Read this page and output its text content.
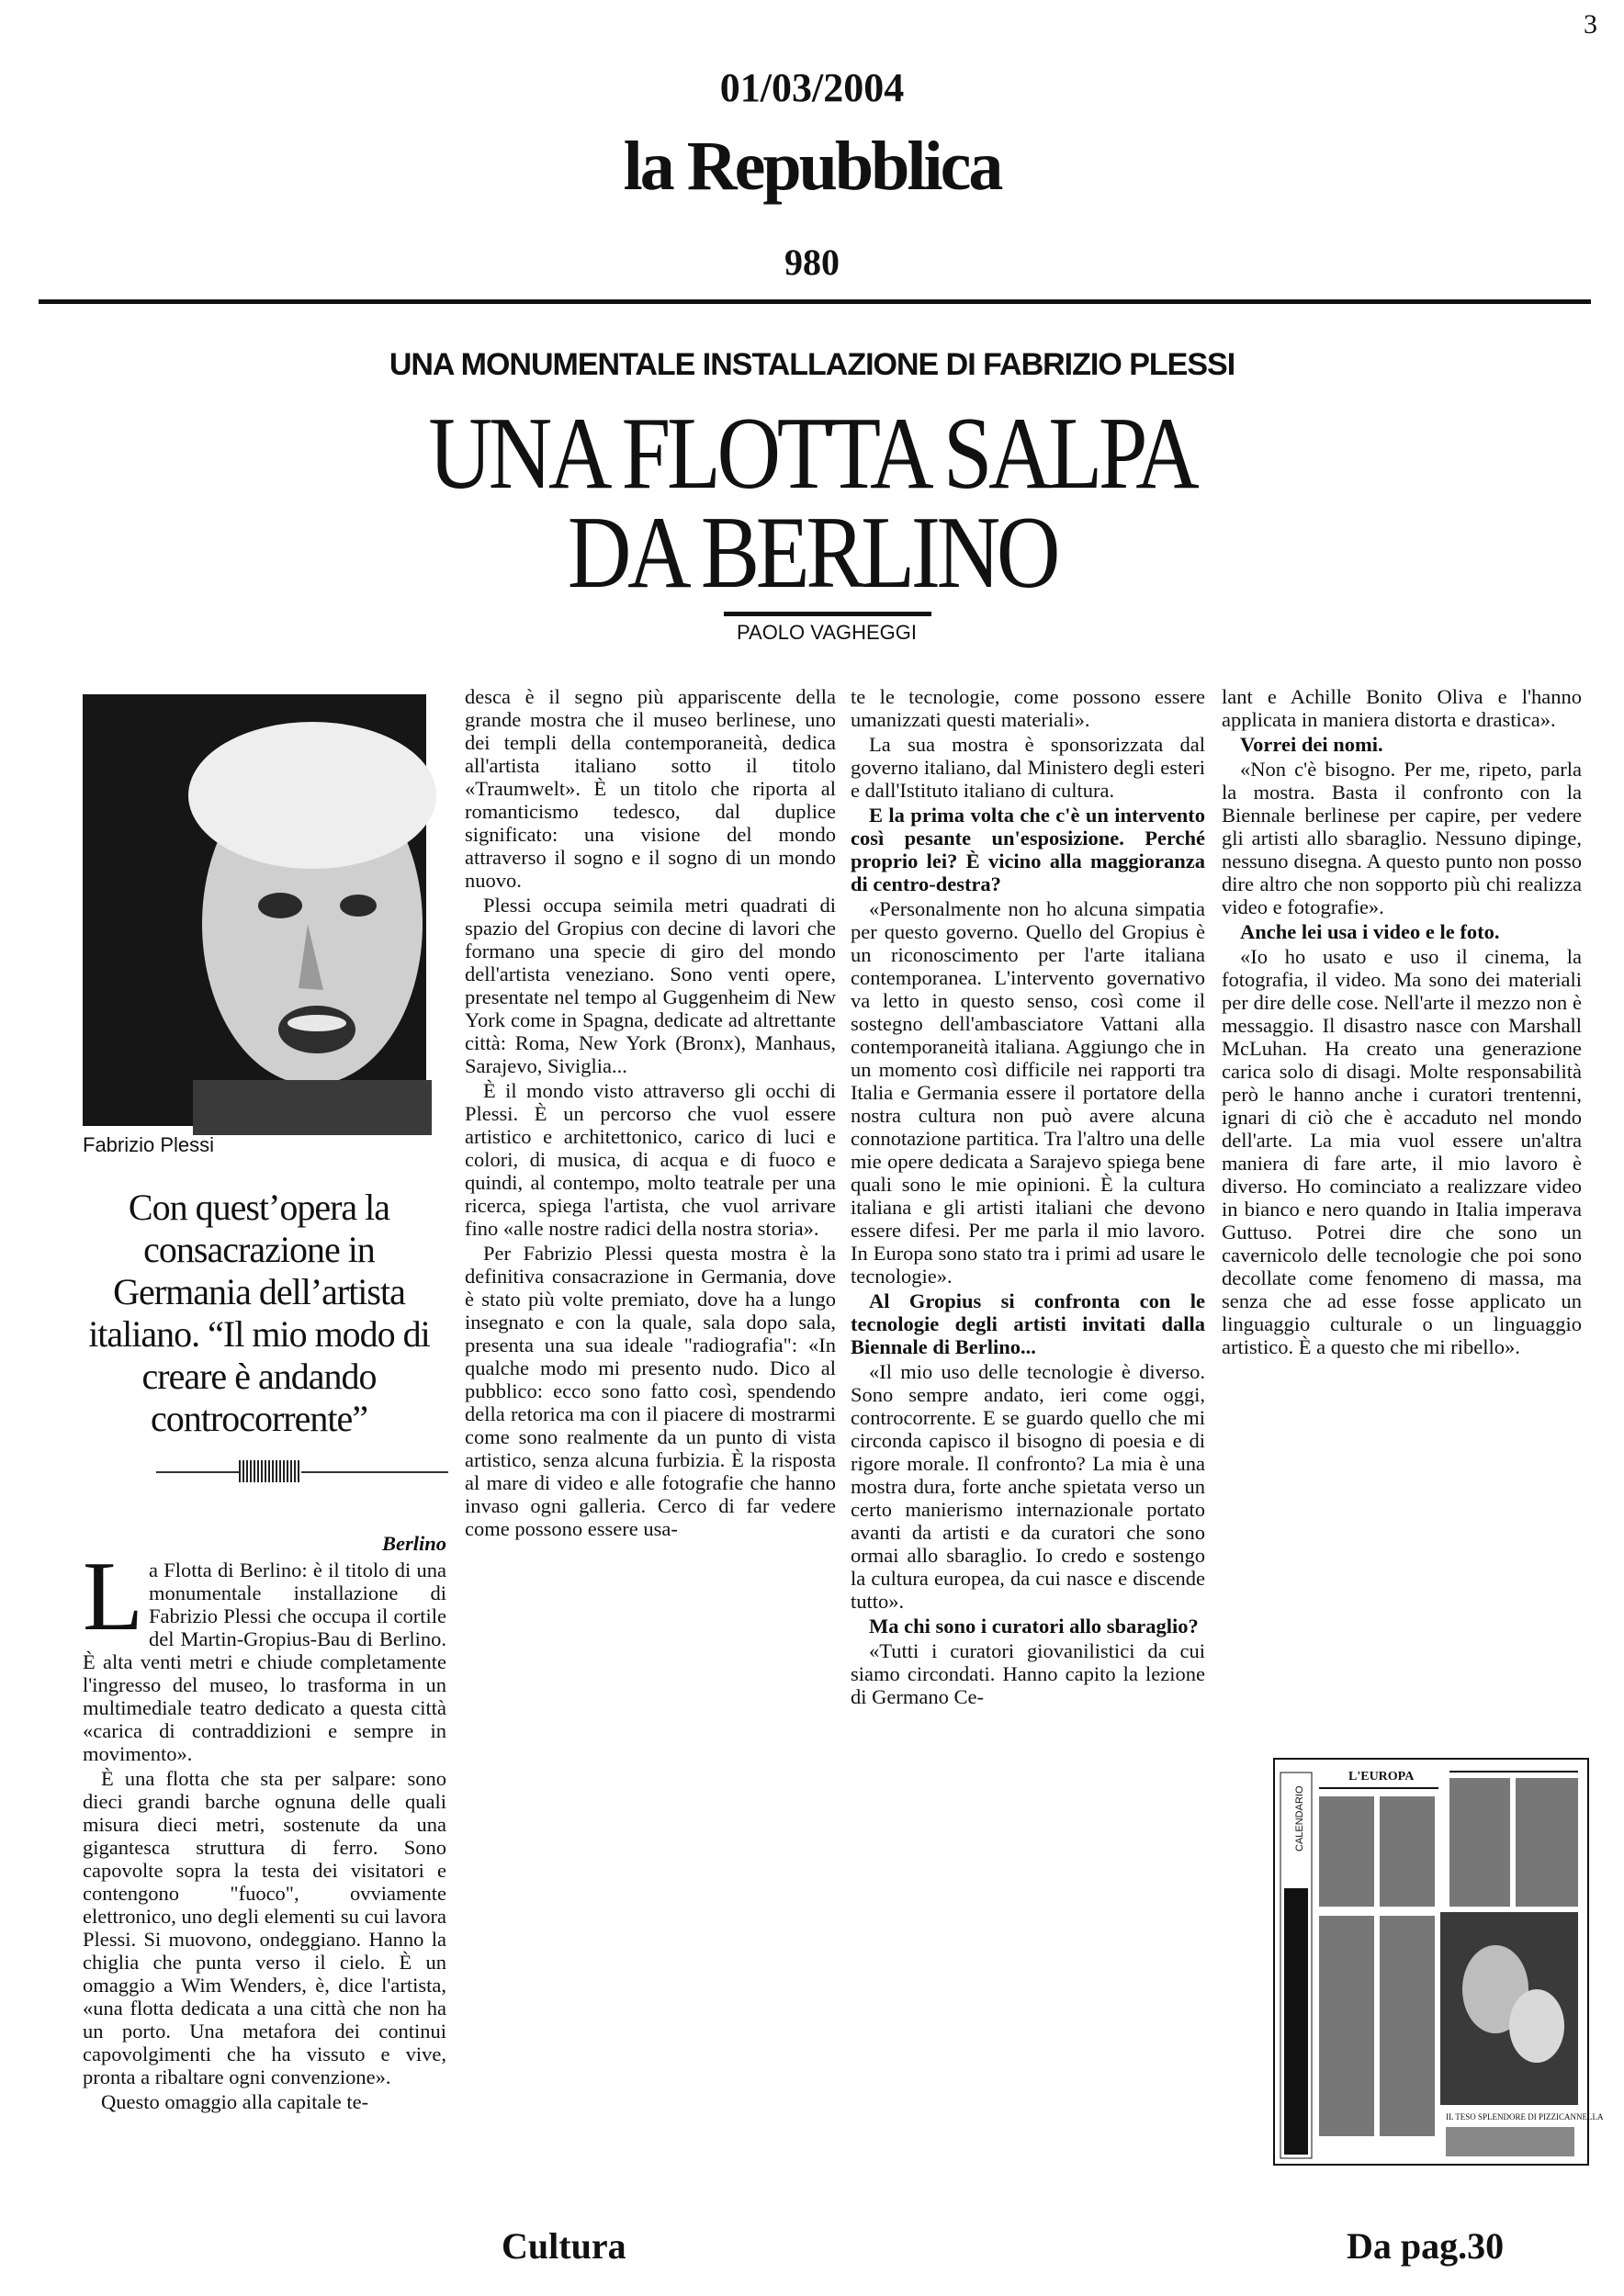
3
01/03/2004
la Repubblica
980
UNA MONUMENTALE INSTALLAZIONE DI FABRIZIO PLESSI
UNA FLOTTA SALPA
DA BERLINO
PAOLO VAGHEGGI
Fabrizio Plessi
Con quest’opera la consacrazione in Germania dell’artista italiano. “Il mio modo di creare è andando controcorrente”
Berlino

La Flotta di Berlino: è il titolo di una monumentale installazione di Fabrizio Plessi che occupa il cortile del Martin-Gropius-Bau di Berlino. È alta venti metri e chiude completamente l'ingresso del museo, lo trasforma in un multimediale teatro dedicato a questa città «carica di contraddizioni e sempre in movimento».

È una flotta che sta per salpare: sono dieci grandi barche ognuna delle quali misura dieci metri, sostenute da una gigantesca struttura di ferro. Sono capovolte sopra la testa dei visitatori e contengono "fuoco", ovviamente elettronico, uno degli elementi su cui lavora Plessi. Si muovono, ondeggiano. Hanno la chiglia che punta verso il cielo. È un omaggio a Wim Wenders, è, dice l'artista, «una flotta dedicata a una città che non ha un porto. Una metafora dei continui capovolgimenti che ha vissuto e vive, pronta a ribaltare ogni convenzione».

Questo omaggio alla capitale te-

desca è il segno più appariscente della grande mostra che il museo berlinese, uno dei templi della contemporaneità, dedica all'artista italiano sotto il titolo «Traumwelt». È un titolo che riporta al romanticismo tedesco, dal duplice significato: una visione del mondo attraverso il sogno e il sogno di un mondo nuovo.

Plessi occupa seimila metri quadrati di spazio del Gropius con decine di lavori che formano una specie di giro del mondo dell'artista veneziano. Sono venti opere, presentate nel tempo al Guggenheim di New York come in Spagna, dedicate ad altrettante città: Roma, New York (Bronx), Manhaus, Sarajevo, Siviglia...

È il mondo visto attraverso gli occhi di Plessi. È un percorso che vuol essere artistico e architettonico, carico di luci e colori, di musica, di acqua e di fuoco e quindi, al contempo, molto teatrale per una ricerca, spiega l'artista, che vuol arrivare fino «alle nostre radici della nostra storia».

Per Fabrizio Plessi questa mostra è la definitiva consacrazione in Germania, dove è stato più volte premiato, dove ha a lungo insegnato e con la quale, sala dopo sala, presenta una sua ideale "radiografia": «In qualche modo mi presento nudo. Dico al pubblico: ecco sono fatto così, spendendo della retorica ma con il piacere di mostrarmi come sono realmente da un punto di vista artistico, senza alcuna furbizia. È la risposta al mare di video e alle fotografie che hanno invaso ogni galleria. Cerco di far vedere come possono essere usa-

te le tecnologie, come possono essere umanizzati questi materiali».

La sua mostra è sponsorizzata dal governo italiano, dal Ministero degli esteri e dall'Istituto italiano di cultura.

E la prima volta che c'è un intervento così pesante un'esposizione. Perché proprio lei? È vicino alla maggioranza di centro-destra?

«Personalmente non ho alcuna simpatia per questo governo. Quello del Gropius è un riconoscimento per l'arte italiana contemporanea. L'intervento governativo va letto in questo senso, così come il sostegno dell'ambasciatore Vattani alla contemporaneità italiana. Aggiungo che in un momento così difficile nei rapporti tra Italia e Germania essere il portatore della nostra cultura non può avere alcuna connotazione partitica. Tra l'altro una delle mie opere dedicata a Sarajevo spiega bene quali sono le mie opinioni. È la cultura italiana e gli artisti italiani che devono essere difesi. Per me parla il mio lavoro. In Europa sono stato tra i primi ad usare le tecnologie».

Al Gropius si confronta con le tecnologie degli artisti invitati dalla Biennale di Berlino...

«Il mio uso delle tecnologie è diverso. Sono sempre andato, ieri come oggi, controcorrente. E se guardo quello che mi circonda capisco il bisogno di poesia e di rigore morale. Il confronto? La mia è una mostra dura, forte anche spietata verso un certo manierismo internazionale portato avanti da artisti e da curatori che sono ormai allo sbaraglio. Io credo e sostengo la cultura europea, da cui nasce e discende tutto».

Ma chi sono i curatori allo sbaraglio?

«Tutti i curatori giovanilistici da cui siamo circondati. Hanno capito la lezione di Germano Ce-

lant e Achille Bonito Oliva e l'hanno applicata in maniera distorta e drastica».

Vorrei dei nomi.

«Non c'è bisogno. Per me, ripeto, parla la mostra. Basta il confronto con la Biennale berlinese per capire, per vedere gli artisti allo sbaraglio. Nessuno dipinge, nessuno disegna. A questo punto non posso dire altro che non sopporto più chi realizza video e fotografie».

Anche lei usa i video e le foto.

«Io ho usato e uso il cinema, la fotografia, il video. Ma sono dei materiali per dire delle cose. Nell'arte il mezzo non è messaggio. Il disastro nasce con Marshall McLuhan. Ha creato una generazione carica solo di disagi. Molte responsabilità però le hanno anche i curatori trentenni, ignari di ciò che è accaduto nel mondo dell'arte. La mia vuol essere un'altra maniera di fare arte, il mio lavoro è diverso. Ho cominciato a realizzare video in bianco e nero quando in Italia imperava Guttuso. Potrei dire che sono un cavernicolo delle tecnologie che poi sono decollate come fenomeno di massa, ma senza che ad esse fosse applicato un linguaggio culturale o un linguaggio artistico. È a questo che mi ribello».

CALENDARIO
L'EUROPA
IL TESO SPLENDORE DI PIZZICANNELLA
Cultura	Da pag.30
